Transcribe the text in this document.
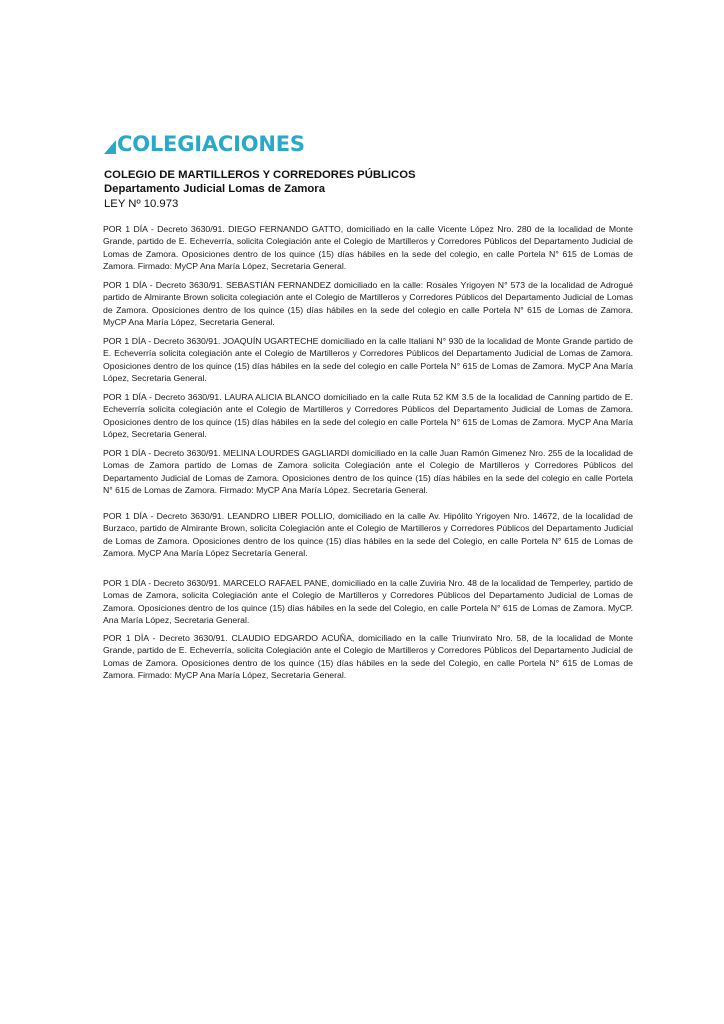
COLEGIACIONES
COLEGIO DE MARTILLEROS Y CORREDORES PÚBLICOS
Departamento Judicial Lomas de Zamora
LEY Nº 10.973

POR 1 DÍA - Decreto 3630/91. DIEGO FERNANDO GATTO, domiciliado en la calle Vicente López Nro. 280 de la localidad de Monte Grande, partido de E. Echeverría, solicita Colegiación ante el Colegio de Martilleros y Corredores Públicos del Departamento Judicial de Lomas de Zamora. Oposiciones dentro de los quince (15) días hábiles en la sede del colegio, en calle Portela N° 615 de Lomas de Zamora. Firmado: MyCP Ana María López, Secretaria General.

POR 1 DÍA - Decreto 3630/91. SEBASTIÁN FERNANDEZ domiciliado en la calle: Rosales Yrigoyen N° 573 de la localidad de Adrogué partido de Almirante Brown solicita colegiación ante el Colegio de Martilleros y Corredores Públicos del Departamento Judicial de Lomas de Zamora. Oposiciones dentro de los quince (15) días hábiles en la sede del colegio en calle Portela N° 615 de Lomas de Zamora. MyCP Ana María López, Secretaria General.

POR 1 DÍA - Decreto 3630/91. JOAQUÍN UGARTECHE domiciliado en la calle Italiani N° 930 de la localidad de Monte Grande partido de E. Echeverría solicita colegiación ante el Colegio de Martilleros y Corredores Públicos del Departamento Judicial de Lomas de Zamora. Oposiciones dentro de los quince (15) días hábiles en la sede del colegio en calle Portela N° 615 de Lomas de Zamora. MyCP Ana María López, Secretaria General.

POR 1 DÍA - Decreto 3630/91. LAURA ALICIA BLANCO domiciliado en la calle Ruta 52 KM 3.5 de la localidad de Canning partido de E. Echeverría solicita colegiación ante el Colegio de Martilleros y Corredores Públicos del Departamento Judicial de Lomas de Zamora. Oposiciones dentro de los quince (15) días hábiles en la sede del colegio en calle Portela N° 615 de Lomas de Zamora. MyCP Ana María López, Secretaria General.

POR 1 DÍA - Decreto 3630/91. MELINA LOURDES GAGLIARDI domiciliado en la calle Juan Ramón Gimenez Nro. 255 de la localidad de Lomas de Zamora partido de Lomas de Zamora solicita Colegiación ante el Colegio de Martilleros y Corredores Públicos del Departamento Judicial de Lomas de Zamora. Oposiciones dentro de los quince (15) días hábiles en la sede del colegio en calle Portela N° 615 de Lomas de Zamora. Firmado: MyCP Ana María López. Secretaria General.

POR 1 DÍA - Decreto 3630/91. LEANDRO LIBER POLLIO, domiciliado en la calle Av. Hipólito Yrigoyen Nro. 14672, de la localidad de Burzaco, partido de Almirante Brown, solicita Colegiación ante el Colegio de Martilleros y Corredores Públicos del Departamento Judicial de Lomas de Zamora. Oposiciones dentro de los quince (15) días hábiles en la sede del Colegio, en calle Portela N° 615 de Lomas de Zamora. MyCP Ana María López Secretaría General.

POR 1 DÍA - Decreto 3630/91. MARCELO RAFAEL PANE, domiciliado en la calle Zuviria Nro. 48 de la localidad de Temperley, partido de Lomas de Zamora, solicita Colegiación ante el Colegio de Martilleros y Corredores Públicos del Departamento Judicial de Lomas de Zamora. Oposiciones dentro de los quince (15) días hábiles en la sede del Colegio, en calle Portela N° 615 de Lomas de Zamora. MyCP. Ana María López, Secretaria General.

POR 1 DÍA - Decreto 3630/91. CLAUDIO EDGARDO ACUÑA, domiciliado en la calle Triunvirato Nro. 58, de la localidad de Monte Grande, partido de E. Echeverría, solicita Colegiación ante el Colegio de Martilleros y Corredores Públicos del Departamento Judicial de Lomas de Zamora. Oposiciones dentro de los quince (15) días hábiles en la sede del Colegio, en calle Portela N° 615 de Lomas de Zamora. Firmado: MyCP Ana María López, Secretaria General.
